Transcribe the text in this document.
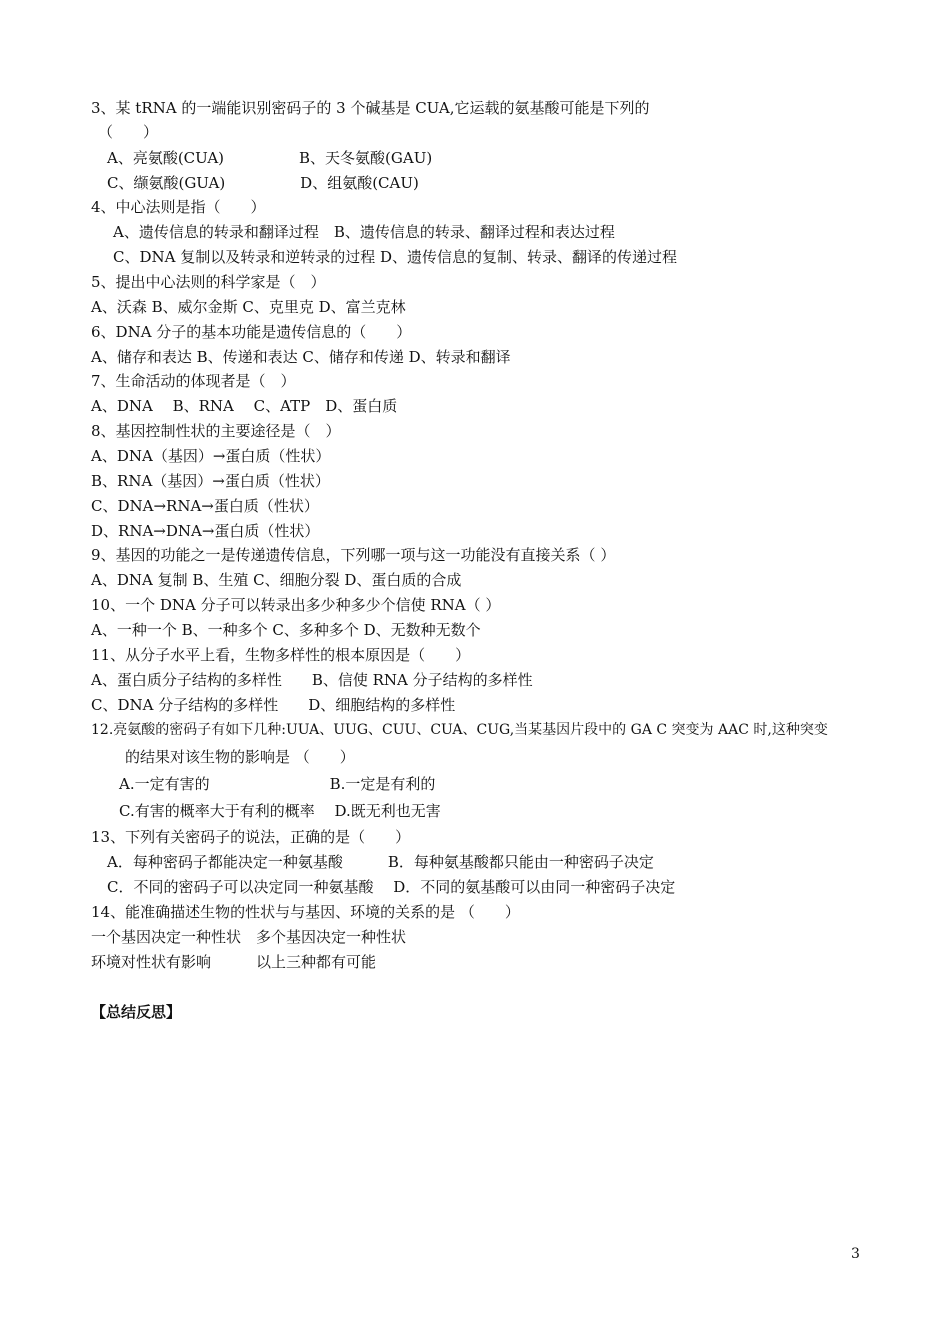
3、某 tRNA 的一端能识别密码子的 3 个碱基是 CUA,它运载的氨基酸可能是下列的
（　　）
A、亮氨酸(CUA)　　　　　B、天冬氨酸(GAU)
C、缬氨酸(GUA)　　　　　D、组氨酸(CAU)
4、中心法则是指（　　）
A、遗传信息的转录和翻译过程　B、遗传信息的转录、翻译过程和表达过程
C、DNA 复制以及转录和逆转录的过程 D、遗传信息的复制、转录、翻译的传递过程
5、提出中心法则的科学家是（　）
A、沃森 B、威尔金斯 C、克里克 D、富兰克林
6、DNA 分子的基本功能是遗传信息的（　　）
A、储存和表达 B、传递和表达 C、储存和传递 D、转录和翻译
7、生命活动的体现者是（　）
A、DNA　 B、RNA　 C、ATP　D、蛋白质
8、基因控制性状的主要途径是（　）
A、DNA（基因）→蛋白质（性状）
B、RNA（基因）→蛋白质（性状）
C、DNA→RNA→蛋白质（性状）
D、RNA→DNA→蛋白质（性状）
9、基因的功能之一是传递遗传信息，下列哪一项与这一功能没有直接关系（ ）
A、DNA 复制 B、生殖 C、细胞分裂 D、蛋白质的合成
10、一个 DNA 分子可以转录出多少种多少个信使 RNA（ ）
A、一种一个 B、一种多个 C、多种多个 D、无数种无数个
11、从分子水平上看，生物多样性的根本原因是（　　）
A、蛋白质分子结构的多样性　　B、信使 RNA 分子结构的多样性
C、DNA 分子结构的多样性　　D、细胞结构的多样性
12.亮氨酸的密码子有如下几种:UUA、UUG、CUU、CUA、CUG,当某基因片段中的 GA C 突变为 AAC 时,这种突变
的结果对该生物的影响是 （　　）
A.一定有害的　　　　　　　　B.一定是有利的
C.有害的概率大于有利的概率　 D.既无利也无害
13、下列有关密码子的说法，正确的是（　　）
A．每种密码子都能决定一种氨基酸　　　B．每种氨基酸都只能由一种密码子决定
C．不同的密码子可以决定同一种氨基酸　 D．不同的氨基酸可以由同一种密码子决定
14、能准确描述生物的性状与与基因、环境的关系的是 （　　）
一个基因决定一种性状　多个基因决定一种性状
环境对性状有影响　　　以上三种都有可能
【总结反思】
3
